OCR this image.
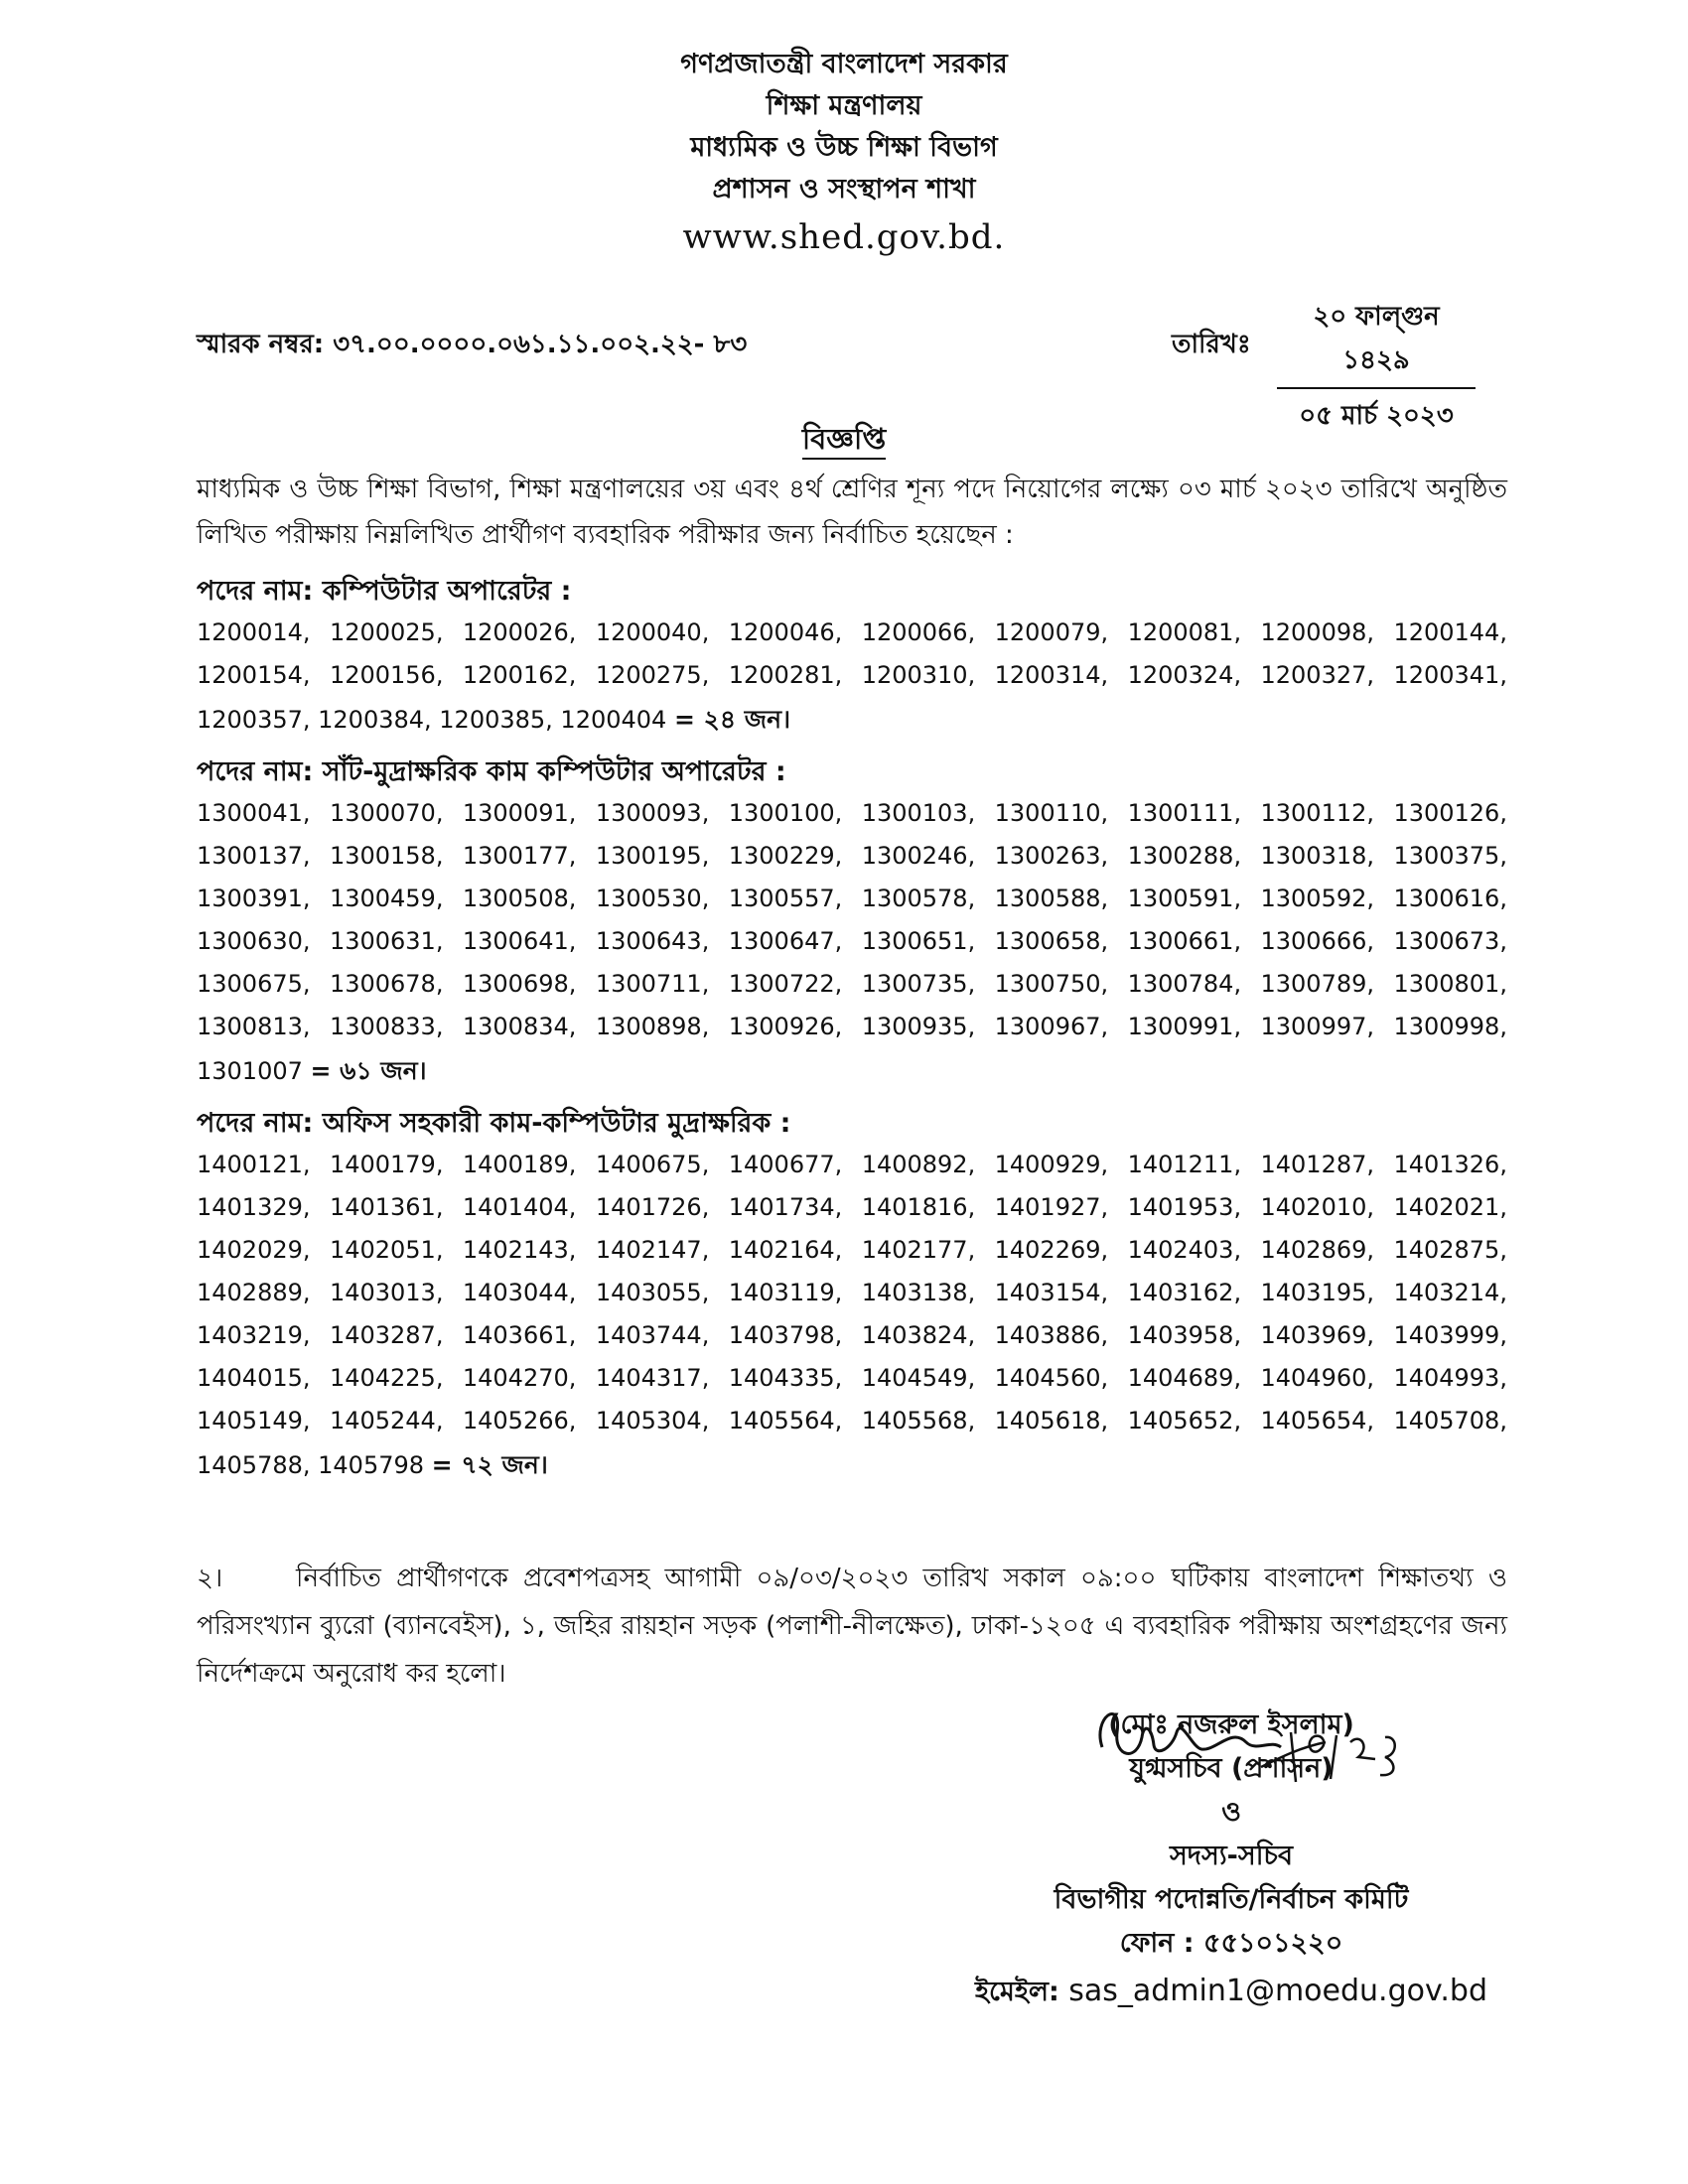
গণপ্রজাতন্ত্রী বাংলাদেশ সরকার
শিক্ষা মন্ত্রণালয়
মাধ্যমিক ও উচ্চ শিক্ষা বিভাগ
প্রশাসন ও সংস্থাপন শাখা
www.shed.gov.bd.
স্মারক নম্বর: ৩৭.০০.০০০০.০৬১.১১.০০২.২২- ৮৩	তারিখঃ
২০ ফাল্গুন ১৪২৯
০৫ মার্চ ২০২৩
বিজ্ঞপ্তি
মাধ্যমিক ও উচ্চ শিক্ষা বিভাগ, শিক্ষা মন্ত্রণালয়ের ৩য় এবং ৪র্থ শ্রেণির শূন্য পদে নিয়োগের লক্ষ্যে ০৩ মার্চ ২০২৩ তারিখে অনুষ্ঠিত লিখিত পরীক্ষায় নিম্নলিখিত প্রার্থীগণ ব্যবহারিক পরীক্ষার জন্য নির্বাচিত হয়েছেন :
পদের নাম: কম্পিউটার অপারেটর :
1200014, 1200025, 1200026, 1200040, 1200046, 1200066, 1200079, 1200081, 1200098, 1200144,
1200154, 1200156, 1200162, 1200275, 1200281, 1200310, 1200314, 1200324, 1200327, 1200341,
1200357, 1200384, 1200385, 1200404 = ২৪ জন।
পদের নাম: সাঁট-মুদ্রাক্ষরিক কাম কম্পিউটার অপারেটর :
1300041, 1300070, 1300091, 1300093, 1300100, 1300103, 1300110, 1300111, 1300112, 1300126,
1300137, 1300158, 1300177, 1300195, 1300229, 1300246, 1300263, 1300288, 1300318, 1300375,
1300391, 1300459, 1300508, 1300530, 1300557, 1300578, 1300588, 1300591, 1300592, 1300616,
1300630, 1300631, 1300641, 1300643, 1300647, 1300651, 1300658, 1300661, 1300666, 1300673,
1300675, 1300678, 1300698, 1300711, 1300722, 1300735, 1300750, 1300784, 1300789, 1300801,
1300813, 1300833, 1300834, 1300898, 1300926, 1300935, 1300967, 1300991, 1300997, 1300998,
1301007 = ৬১ জন।
পদের নাম: অফিস সহকারী কাম-কম্পিউটার মুদ্রাক্ষরিক :
1400121, 1400179, 1400189, 1400675, 1400677, 1400892, 1400929, 1401211, 1401287, 1401326,
1401329, 1401361, 1401404, 1401726, 1401734, 1401816, 1401927, 1401953, 1402010, 1402021,
1402029, 1402051, 1402143, 1402147, 1402164, 1402177, 1402269, 1402403, 1402869, 1402875,
1402889, 1403013, 1403044, 1403055, 1403119, 1403138, 1403154, 1403162, 1403195, 1403214,
1403219, 1403287, 1403661, 1403744, 1403798, 1403824, 1403886, 1403958, 1403969, 1403999,
1404015, 1404225, 1404270, 1404317, 1404335, 1404549, 1404560, 1404689, 1404960, 1404993,
1405149, 1405244, 1405266, 1405304, 1405564, 1405568, 1405618, 1405652, 1405654, 1405708,
1405788, 1405798 = ৭২ জন।
২।	নির্বাচিত প্রার্থীগণকে প্রবেশপত্রসহ আগামী ০৯/০৩/২০২৩ তারিখ সকাল ০৯:০০ ঘটিকায় বাংলাদেশ শিক্ষাতথ্য ও পরিসংখ্যান ব্যুরো (ব্যানবেইস), ১, জহির রায়হান সড়ক (পলাশী-নীলক্ষেত), ঢাকা-১২০৫ এ ব্যবহারিক পরীক্ষায় অংশগ্রহণের জন্য নির্দেশক্রমে অনুরোধ কর হলো।
(মোঃ নজরুল ইসলাম)
যুগ্মসচিব (প্রশাসন)
ও
সদস্য-সচিব
বিভাগীয় পদোন্নতি/নির্বাচন কমিটি
ফোন : ৫৫১০১২২০
ইমেইল: sas_admin1@moedu.gov.bd
